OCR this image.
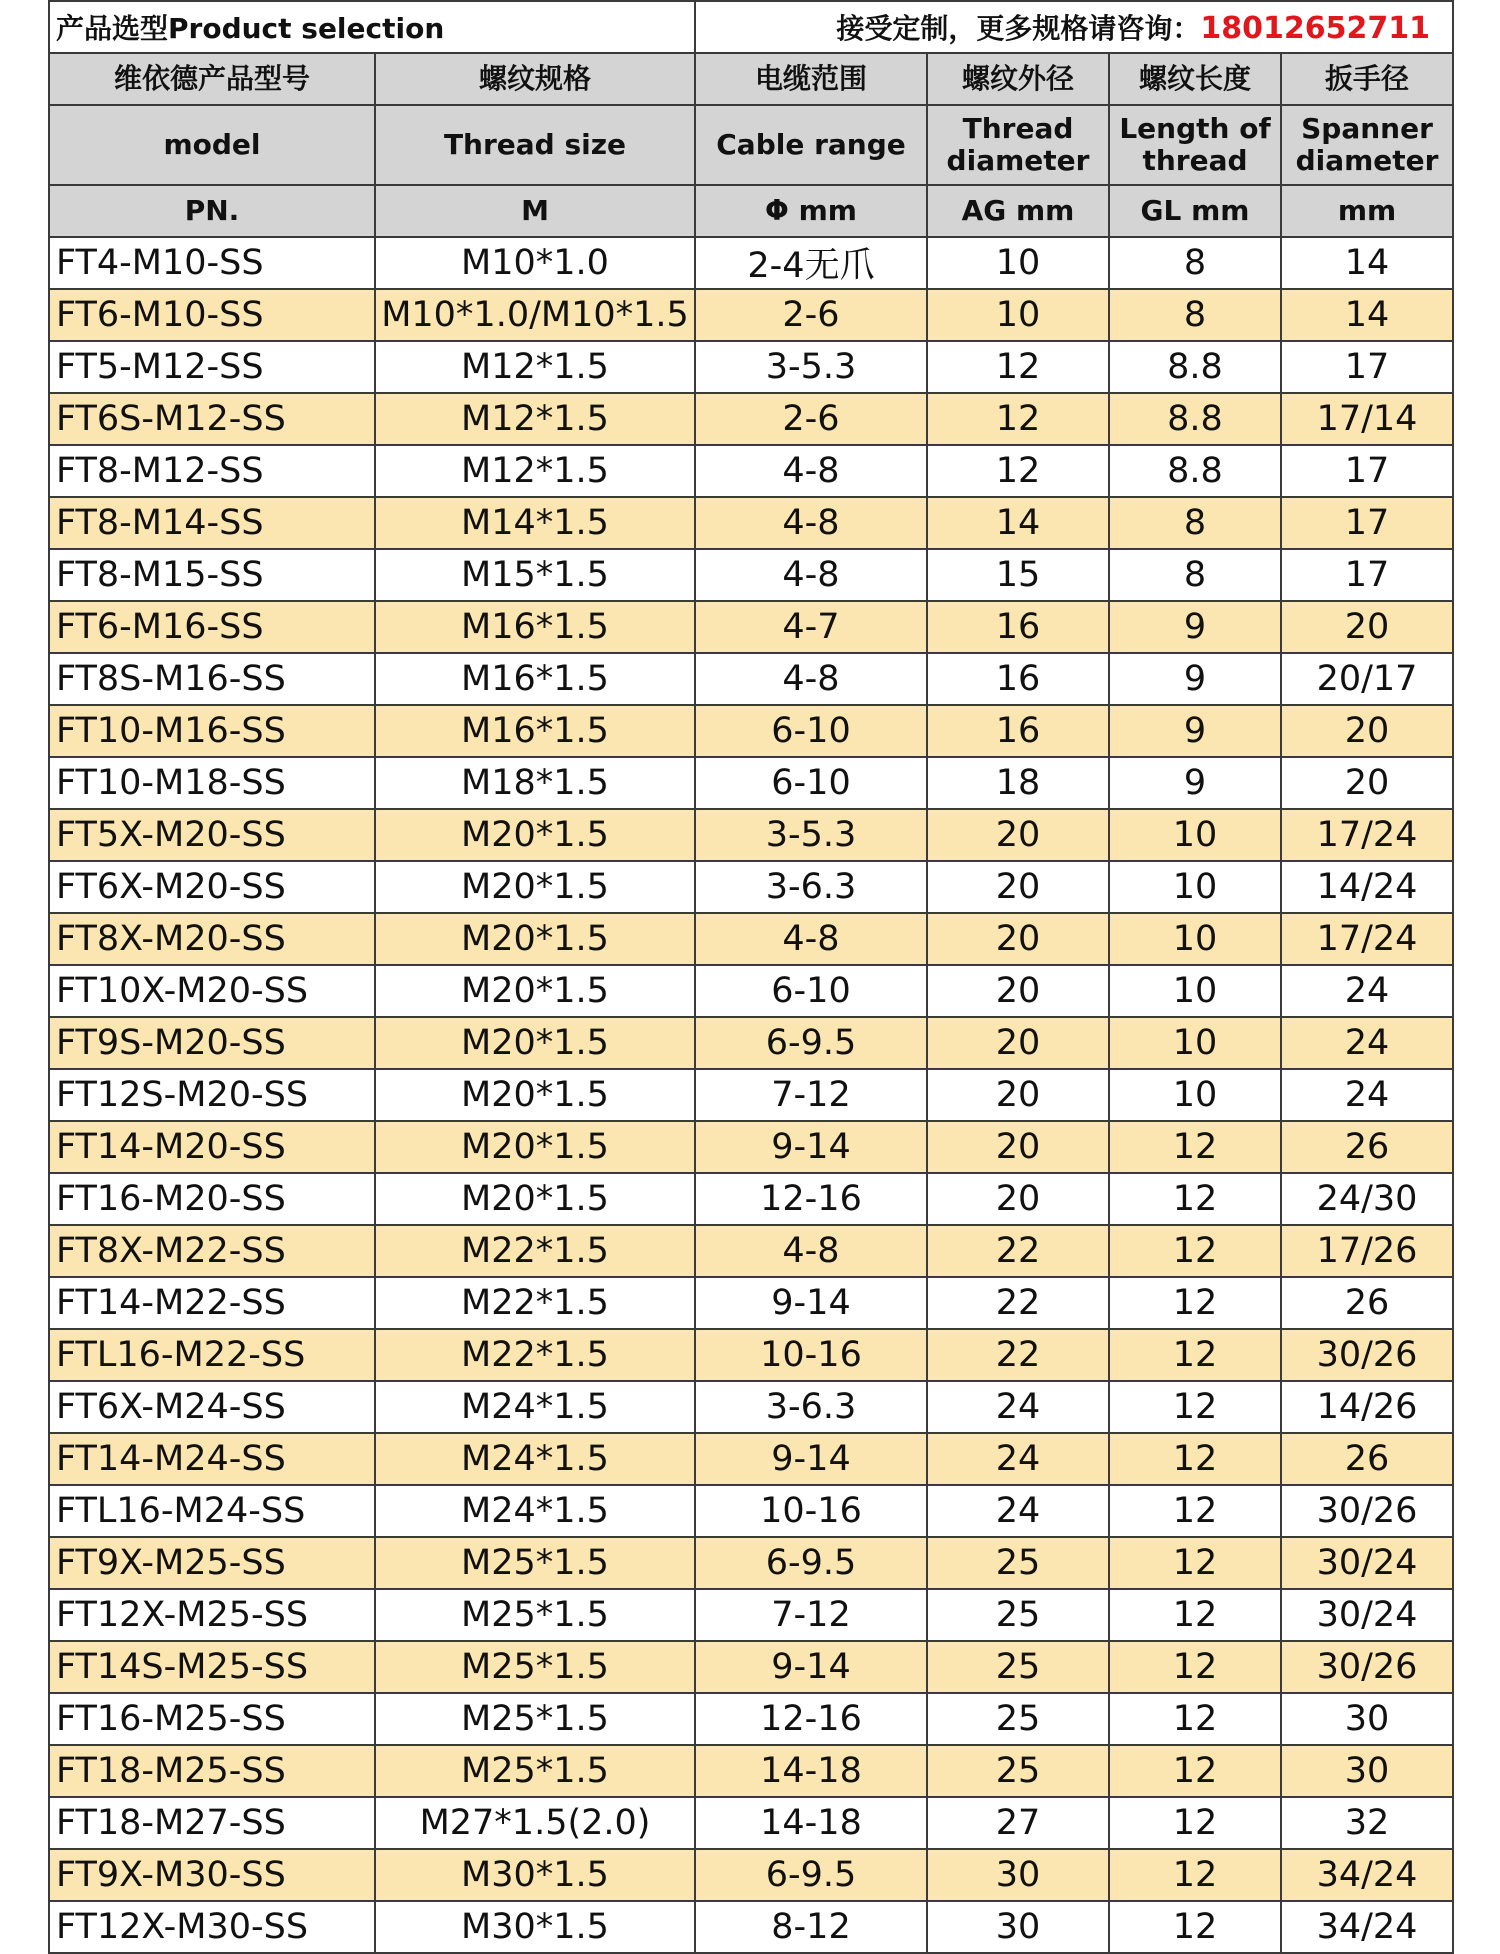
产品选型Product selection		接受定制，更多规格请咨询：18012652711			
维依德产品型号	螺纹规格	电缆范围	螺纹外径	螺纹长度	扳手径
model	Thread size	Cable range	Thread diameter	Length of thread	Spanner diameter
PN.	M	Φ mm	AG mm	GL mm	mm
FT4-M10-SS	M10*1.0	2-4无爪	10	8	14
FT6-M10-SS	M10*1.0/M10*1.5	2-6	10	8	14
FT5-M12-SS	M12*1.5	3-5.3	12	8.8	17
FT6S-M12-SS	M12*1.5	2-6	12	8.8	17/14
FT8-M12-SS	M12*1.5	4-8	12	8.8	17
FT8-M14-SS	M14*1.5	4-8	14	8	17
FT8-M15-SS	M15*1.5	4-8	15	8	17
FT6-M16-SS	M16*1.5	4-7	16	9	20
FT8S-M16-SS	M16*1.5	4-8	16	9	20/17
FT10-M16-SS	M16*1.5	6-10	16	9	20
FT10-M18-SS	M18*1.5	6-10	18	9	20
FT5X-M20-SS	M20*1.5	3-5.3	20	10	17/24
FT6X-M20-SS	M20*1.5	3-6.3	20	10	14/24
FT8X-M20-SS	M20*1.5	4-8	20	10	17/24
FT10X-M20-SS	M20*1.5	6-10	20	10	24
FT9S-M20-SS	M20*1.5	6-9.5	20	10	24
FT12S-M20-SS	M20*1.5	7-12	20	10	24
FT14-M20-SS	M20*1.5	9-14	20	12	26
FT16-M20-SS	M20*1.5	12-16	20	12	24/30
FT8X-M22-SS	M22*1.5	4-8	22	12	17/26
FT14-M22-SS	M22*1.5	9-14	22	12	26
FTL16-M22-SS	M22*1.5	10-16	22	12	30/26
FT6X-M24-SS	M24*1.5	3-6.3	24	12	14/26
FT14-M24-SS	M24*1.5	9-14	24	12	26
FTL16-M24-SS	M24*1.5	10-16	24	12	30/26
FT9X-M25-SS	M25*1.5	6-9.5	25	12	30/24
FT12X-M25-SS	M25*1.5	7-12	25	12	30/24
FT14S-M25-SS	M25*1.5	9-14	25	12	30/26
FT16-M25-SS	M25*1.5	12-16	25	12	30
FT18-M25-SS	M25*1.5	14-18	25	12	30
FT18-M27-SS	M27*1.5(2.0)	14-18	27	12	32
FT9X-M30-SS	M30*1.5	6-9.5	30	12	34/24
FT12X-M30-SS	M30*1.5	8-12	30	12	34/24
